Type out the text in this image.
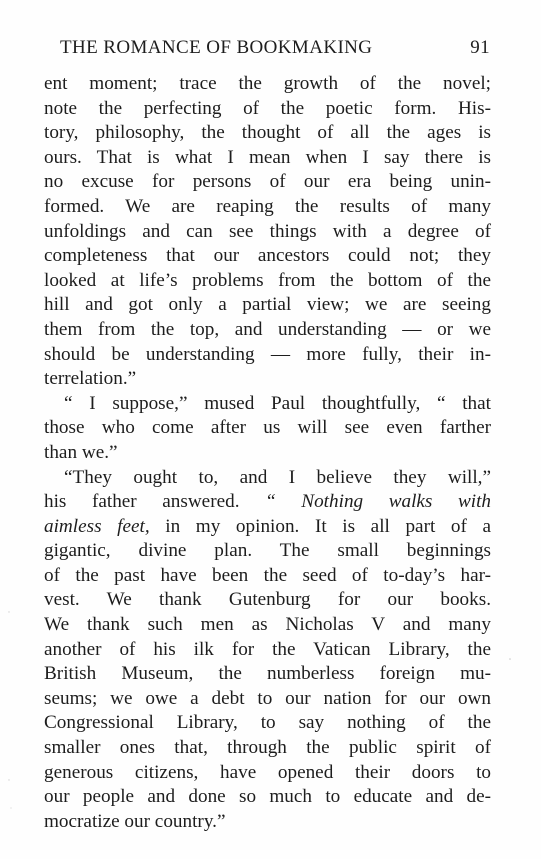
THE ROMANCE OF BOOKMAKING	91
ent moment; trace the growth of the novel;
note the perfecting of the poetic form. His-
tory, philosophy, the thought of all the ages is
ours. That is what I mean when I say there is
no excuse for persons of our era being unin-
formed. We are reaping the results of many
unfoldings and can see things with a degree of
completeness that our ancestors could not; they
looked at life’s problems from the bottom of the
hill and got only a partial view; we are seeing
them from the top, and understanding — or we
should be understanding — more fully, their in-
terrelation.”
“ I suppose,” mused Paul thoughtfully, “ that
those who come after us will see even farther
than we.”
“They ought to, and I believe they will,”
his father answered. “ Nothing walks with
aimless feet, in my opinion. It is all part of a
gigantic, divine plan. The small beginnings
of the past have been the seed of to-day’s har-
vest. We thank Gutenburg for our books.
We thank such men as Nicholas V and many
another of his ilk for the Vatican Library, the
British Museum, the numberless foreign mu-
seums; we owe a debt to our nation for our own
Congressional Library, to say nothing of the
smaller ones that, through the public spirit of
generous citizens, have opened their doors to
our people and done so much to educate and de-
mocratize our country.”
